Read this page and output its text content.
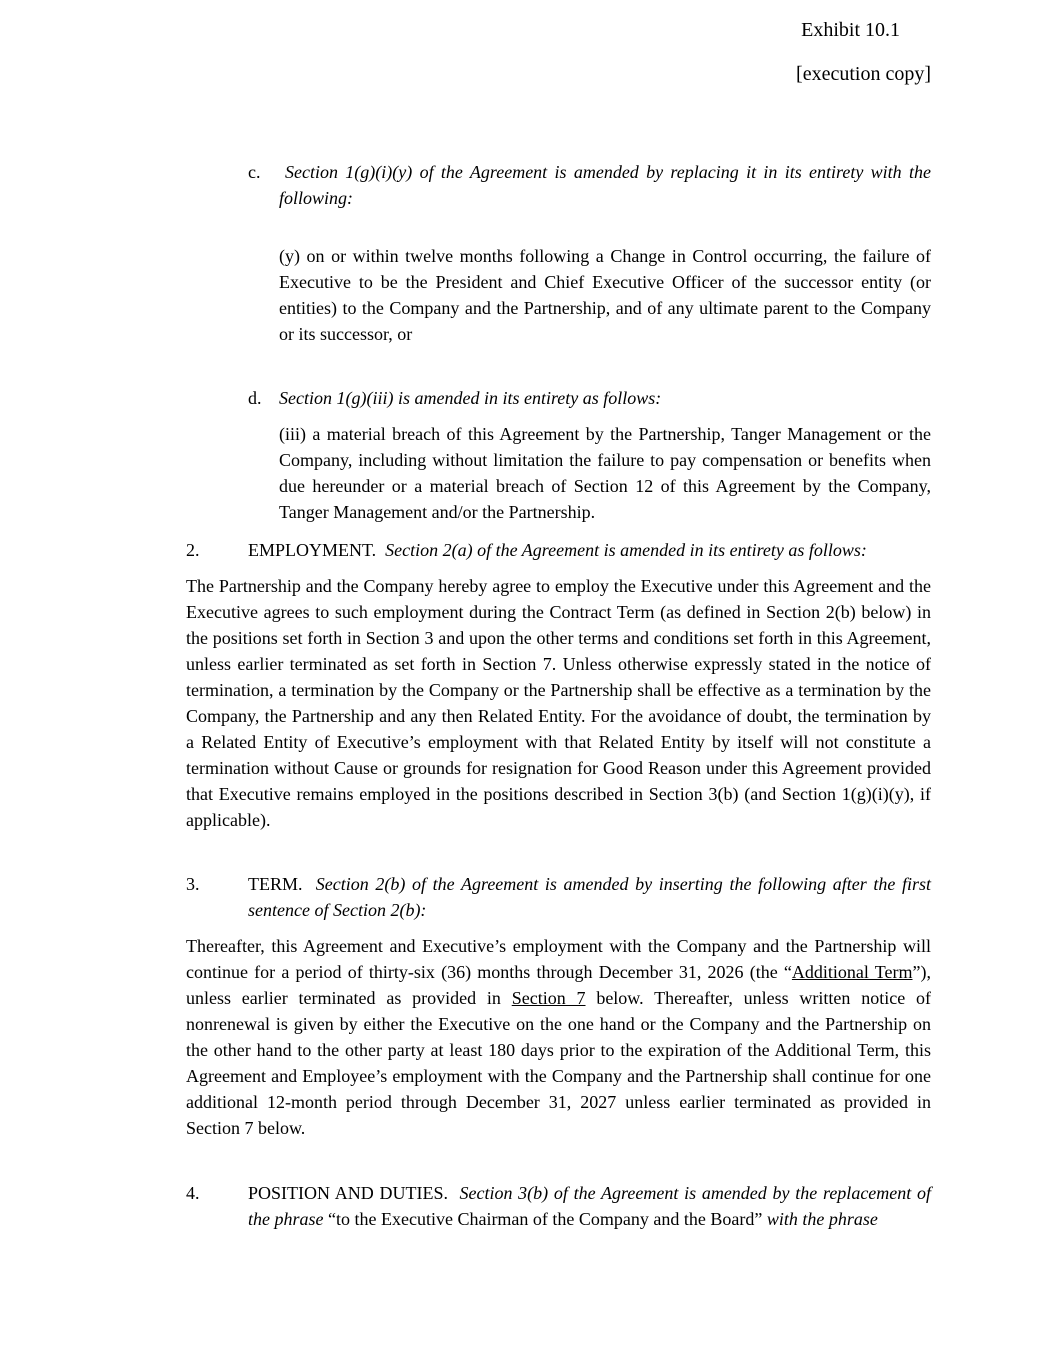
Exhibit 10.1
[execution copy]
c.	Section 1(g)(i)(y) of the Agreement is amended by replacing it in its entirety with the following:
(y) on or within twelve months following a Change in Control occurring, the failure of Executive to be the President and Chief Executive Officer of the successor entity (or entities) to the Company and the Partnership, and of any ultimate parent to the Company or its successor, or
d. Section 1(g)(iii) is amended in its entirety as follows:
(iii) a material breach of this Agreement by the Partnership, Tanger Management or the Company, including without limitation the failure to pay compensation or benefits when due hereunder or a material breach of Section 12 of this Agreement by the Company, Tanger Management and/or the Partnership.
2.	EMPLOYMENT. Section 2(a) of the Agreement is amended in its entirety as follows:
The Partnership and the Company hereby agree to employ the Executive under this Agreement and the Executive agrees to such employment during the Contract Term (as defined in Section 2(b) below) in the positions set forth in Section 3 and upon the other terms and conditions set forth in this Agreement, unless earlier terminated as set forth in Section 7. Unless otherwise expressly stated in the notice of termination, a termination by the Company or the Partnership shall be effective as a termination by the Company, the Partnership and any then Related Entity. For the avoidance of doubt, the termination by a Related Entity of Executive’s employment with that Related Entity by itself will not constitute a termination without Cause or grounds for resignation for Good Reason under this Agreement provided that Executive remains employed in the positions described in Section 3(b) (and Section 1(g)(i)(y), if applicable).
3.	TERM. Section 2(b) of the Agreement is amended by inserting the following after the first sentence of Section 2(b):
Thereafter, this Agreement and Executive’s employment with the Company and the Partnership will continue for a period of thirty-six (36) months through December 31, 2026 (the “Additional Term”), unless earlier terminated as provided in Section 7 below. Thereafter, unless written notice of nonrenewal is given by either the Executive on the one hand or the Company and the Partnership on the other hand to the other party at least 180 days prior to the expiration of the Additional Term, this Agreement and Employee’s employment with the Company and the Partnership shall continue for one additional 12-month period through December 31, 2027 unless earlier terminated as provided in Section 7 below.
4.	POSITION AND DUTIES. Section 3(b) of the Agreement is amended by the replacement of the phrase “to the Executive Chairman of the Company and the Board” with the phrase
